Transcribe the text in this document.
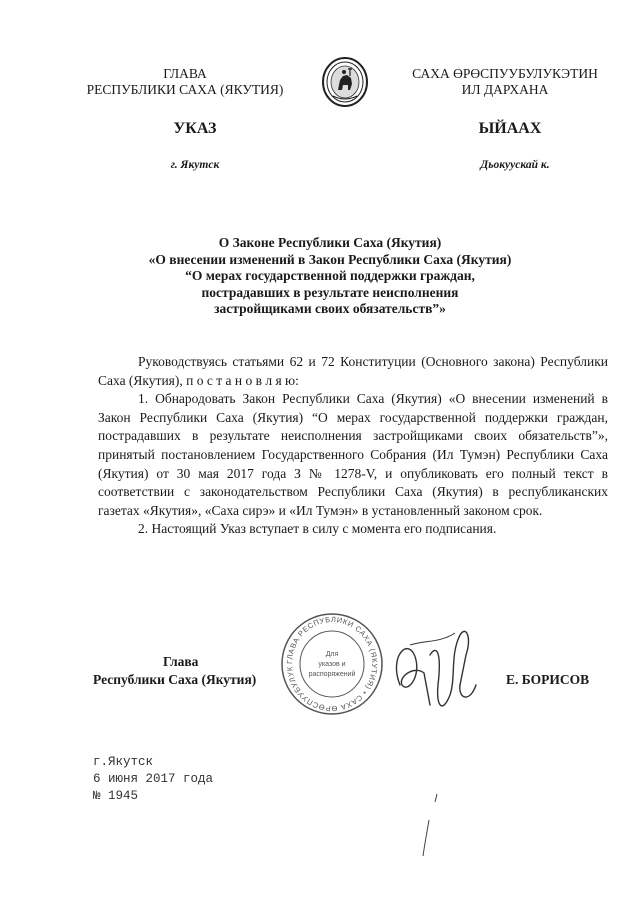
ГЛАВА
РЕСПУБЛИКИ САХА (ЯКУТИЯ)
САХА ӨРӨСПУУБУЛУКЭТИН
ИЛ ДАРХАНА
УКАЗ	ЫЙААХ
г. Якутск	Дьокуускай к.
О Законе Республики Саха (Якутия)
«О внесении изменений в Закон Республики Саха (Якутия)
“О мерах государственной поддержки граждан,
пострадавших в результате неисполнения
застройщиками своих обязательств”»

Руководствуясь статьями 62 и 72 Конституции (Основного закона) Республики Саха (Якутия), п о с т а н о в л я ю:

1. Обнародовать Закон Республики Саха (Якутия) «О внесении изменений в Закон Республики Саха (Якутия) “О мерах государственной поддержки граждан, пострадавших в результате неисполнения застройщиками своих обязательств”», принятый постановлением Государственного Собрания (Ил Тумэн) Республики Саха (Якутия) от 30 мая 2017 года З № 1278-V, и опубликовать его полный текст в соответствии с законодательством Республики Саха (Якутия) в республиканских газетах «Якутия», «Саха сирэ» и «Ил Тумэн» в установленный законом срок.

2. Настоящий Указ вступает в силу с момента его подписания.

ГЛАВА РЕСПУБЛИКИ САХА (ЯКУТИЯ) • САХА ӨРӨСПУУБУЛУК
Для
указов и
распоряжений
Глава
Республики Саха (Якутия)	Е. БОРИСОВ
г.Якутск
6 июня 2017 года
№ 1945
